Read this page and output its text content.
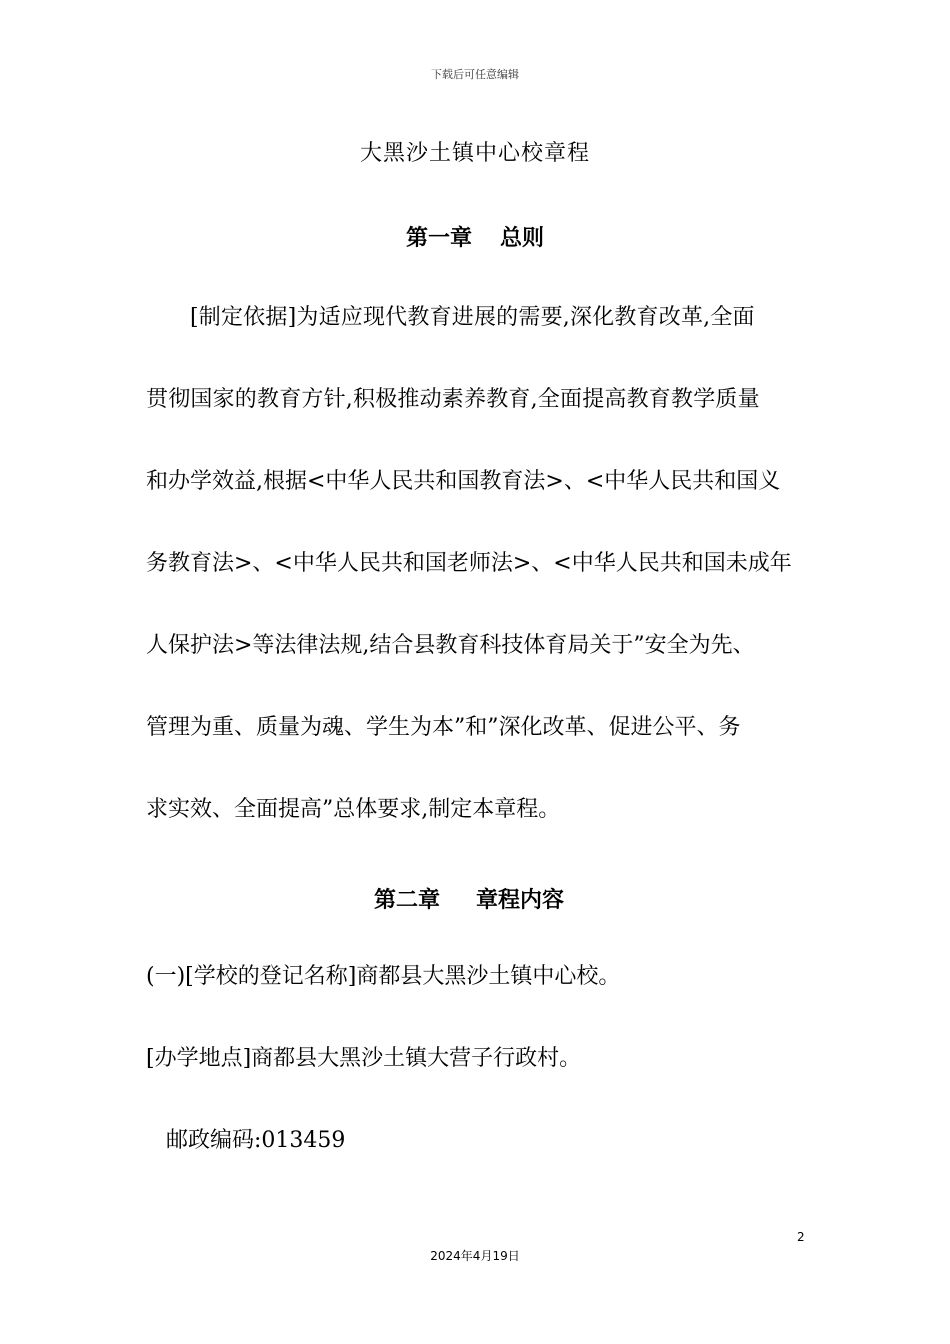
下载后可任意编辑
大黑沙土镇中心校章程
第一章 总则
[制定依据]为适应现代教育进展的需要,深化教育改革,全面
贯彻国家的教育方针,积极推动素养教育,全面提高教育教学质量
和办学效益,根据<中华人民共和国教育法>、<中华人民共和国义
务教育法>、<中华人民共和国老师法>、<中华人民共和国未成年
人保护法>等法律法规,结合县教育科技体育局关于”安全为先、
管理为重、质量为魂、学生为本”和”深化改革、促进公平、务
求实效、全面提高”总体要求,制定本章程。
第二章 章程内容
(一)[学校的登记名称]商都县大黑沙土镇中心校。
[办学地点]商都县大黑沙土镇大营子行政村。
邮政编码:013459
2
2024年4月19日
